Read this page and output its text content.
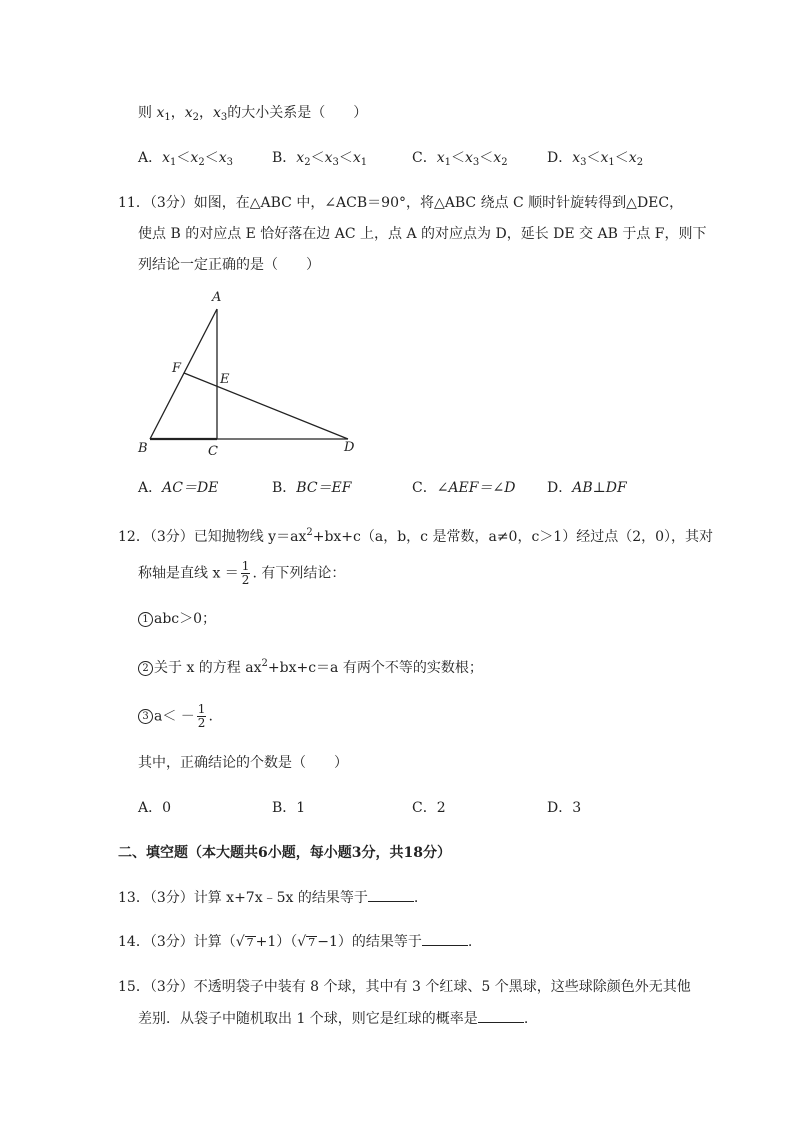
则 $x_1$，$x_2$，$x_3$的大小关系是（　　）
A．$x_1<x_2<x_3$	B．$x_2<x_3<x_1$	C．$x_1<x_3<x_2$	D．$x_3<x_1<x_2$
11．（3分）如图，在△ABC 中，∠ACB＝90°，将△ABC 绕点 C 顺时针旋转得到△DEC，
使点 B 的对应点 E 恰好落在边 AC 上，点 A 的对应点为 D，延长 DE 交 AB 于点 F，则下
列结论一定正确的是（　　）
A
F
E
B	C	D
A．AC＝DE	B．BC＝EF	C．∠AEF＝∠D D．AB⊥DF
12．（3分）已知抛物线 $y=ax^2+bx+c(a$，b，c 是常数，a≠0，c＞1）经过点（2，0），其对
称轴是直线 $x = \frac{1}{2}$ . 有下列结论：
1 abc＞0；
2 关于 x 的方程 $ax^2+bx+c=a$ 有两个不等的实数根；
3 $a< - \frac{1}{2}$ .
其中，正确结论的个数是（　　）
A．0	B．1	C．2	D．3
二、填空题（本大题共6小题，每小题3分，共18分）
13．（3分）计算 x+7x﹣5x 的结果等于	.
14．（3分）计算（√ 7 +1）（√ 7 −1）的结果等于	.
15．（3分）不透明袋子中装有 8 个球，其中有 3 个红球、5 个黑球，这些球除颜色外无其他
差别．从袋子中随机取出 1 个球，则它是红球的概率是	.
